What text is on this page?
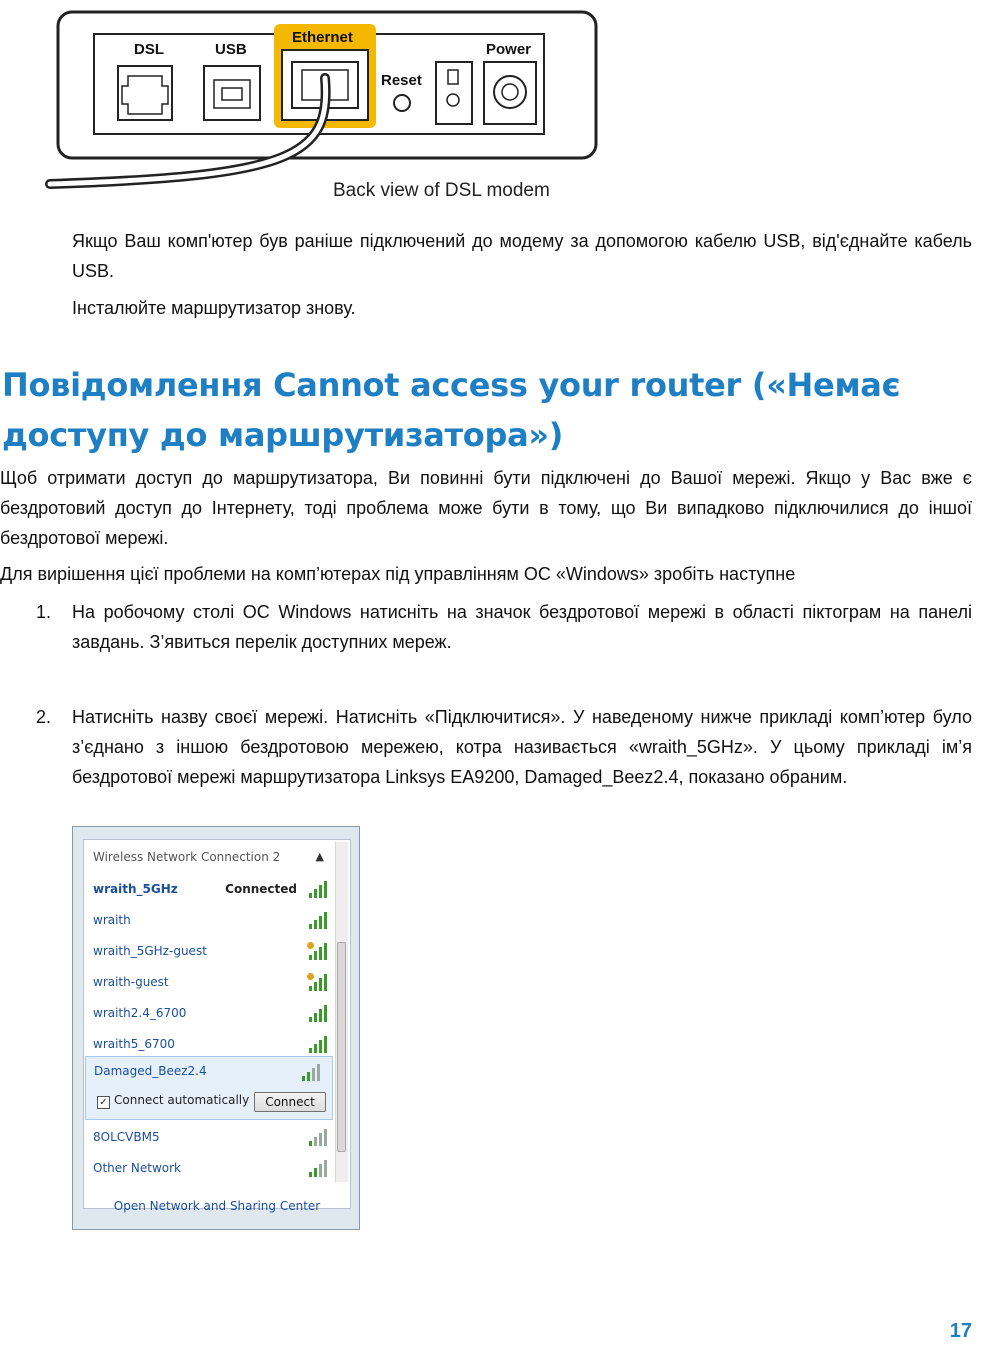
DSL	USB
Ethernet
Reset
Power
Back view of DSL modem

Якщо Ваш комп'ютер був раніше підключений до модему за допомогою кабелю USB, від'єднайте кабель USB.

Інсталюйте маршрутизатор знову.

Повідомлення Cannot access your router («Немає доступу до маршрутизатора»)

Щоб отримати доступ до маршрутизатора, Ви повинні бути підключені до Вашої мережі. Якщо у Вас вже є бездротовий доступ до Інтернету, тоді проблема може бути в тому, що Ви випадково підключилися до іншої бездротової мережі.

Для вирішення цієї проблеми на комп’ютерах під управлінням ОС «Windows» зробіть наступне

1. На робочому столі ОС Windows натисніть на значок бездротової мережі в області піктограм на панелі завдань. З’явиться перелік доступних мереж.

2. Натисніть назву своєї мережі. Натисніть «Підключитися». У наведеному нижче прикладі комп’ютер було з’єднано з іншою бездротовою мережею, котра називається «wraith_5GHz». У цьому прикладі ім’я бездротової мережі маршрутизатора Linksys EA9200, Damaged_Beez2.4, показано обраним.

Wireless Network Connection 2	▲
wraith_5GHz	Connected
wraith
wraith_5GHz-guest
wraith-guest
wraith2.4_6700
wraith5_6700
Damaged_Beez2.4
✓ Connect automatically	Connect
8OLCVBM5
Other Network
Open Network and Sharing Center
17
